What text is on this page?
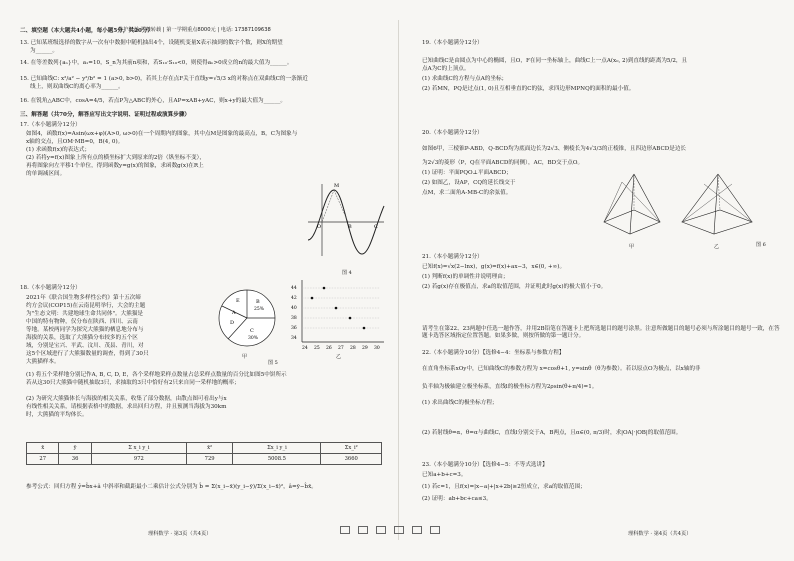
维护权益 严禁转载 | 第一学期重点8000元 | 电话: 17387109638
二、填空题（本大题共4小题，每小题5分，共20分）
13. 已知某班级选择的数字从一次有中数据中随机抽出4个，设随机变量X表示抽到的数字个数，则X的期望
为______。
14. 在等差数列{aₙ}中，a₁=10，S_n为其前n项和，若S₁₀·S₁₀<0，则使得aₙ>0成立的n的最大值为______。
15. 已知曲线C: x²/a² − y²/b² = 1 (a>0, b>0)，若其上存在点F关于直线y=√5/3 x的对称点在双曲线C的一条渐近
线上，则双曲线C的离心率为______。
16. 在锐角△ABC中，cosA=4/5，若点P为△ABC的外心，且AP=xAB+yAC，则x+y的最大值为______。
三、解答题（共70分，解答应写出文字说明、证明过程或演算步骤）
17.（本小题满分12分）
如图4，函数f(x)=Asin(ωx+φ)(A>0, ω>0)在一个周期内的图象，其中点M是图象的最高点，B，C为图象与
x轴的交点，且OM·MB=0，B(4, 0)。
(1) 求函数f(x)的表达式；
(2) 若将y=f(x)图象上所有点的横坐标扩大到原来的2倍（纵坐标不变），
再将图象向左平移1个单位，得到函数y=g(x)的图象，求函数g(x)在R上
的单调减区间。
M
B	C
O
图 4
18.（本小题满分12分）
2021年《联合国生物多样性公约》第十五次缔
约方会议(COP15)在云南昆明举行，大会的主题
为"生态文明：共建地球生命共同体"。大熊猫是
中国的特有物种，仅分布在陕西、四川、云南
等地。某校两同学为探究大熊猫的栖息地分布与
海拔的关系，选取了大熊猫分布较多的五个区
域，分别是宝兴、平武、汶川、茂县、青川，对
这5个区域进行了大熊猫数量的调查，得到了30只
大熊猫样本。
B
25%
C
30%
D
E
A
甲
44
42
40
38
36
34
24 25 26 27 28 29 30
乙
图 5
(1) 将五个采样地分别记作A, B, C, D, E，各个采样地采样点数量占总采样点数量的百分比如图5中饼所示
若从这30只大熊猫中随机抽取3只，求抽取的3只中恰好有2只来自同一采样地的概率；
(2) 为研究大熊猫体长与海拔的相关关系，收集了部分数据，由散点图可看出y与x
有线性相关关系，请根据表格中的数据，求出回归方程，并且预测当海拔为30km
时，大熊猫的平均体长。
x̄	ȳ	Σ x_i y_i	x̄²	Σx_i y_i	Σx_i²
27	36	972	729	5008.5	3660
参考公式：回归方程 ŷ=b̂x+â 中斜率和截距最小二乘估计公式分别为 b̂ = Σ(x_i−x̄)(y_i−ȳ)/Σ(x_i−x̄)²，â=ȳ−b̂x̄。
理科数学 · 第3页（共4页）
19.（本小题满分12分）
已知曲线C是由圆点为中心的椭圆，且O，F在同一坐标轴上，曲线C上一点A(x₀, 2)到直线的距离为5/2，且
点A为C的上顶点。
(1) 求曲线C的方程与点A的坐标；
(2) 若MN，PQ是过点(1, 0)且互相垂直的C的弦，求四边形MPNQ的面积的最小值。
20.（本小题满分12分）
如图6甲，三棱锥P-ABD，Q-BCD均为底面边长为2√3、侧棱长为4√3/3的正棱锥，且四边形ABCD是边长
为2√3的菱形（P，Q在平面ABCD的同侧），AC，BD交于点O。
(1) 证明：平面PQO⊥平面ABCD；
(2) 如图乙，设AP，CQ的延长线交于
点M，求二面角A-MB-C的余弦值。
甲	乙	图 6
21.（本小题满分12分）
已知f(x)=√x(2−lnx)，g(x)=f(x)+ax−3，x∈(0, +∞)。
(1) 判断f(x)的单调性并说明理由；
(2) 若g(x)存在极值点，求a的取值范围，并证明此时g(x)的极大值小于0。
请考生在第22、23两题中任选一题作答，并用2B铅笔在答题卡上把所选题目的题号涂黑。注意所做题目的题号必须与所涂题目的题号一致，在答题卡选答区域指定位置答题。如果多做，则按所做的第一题计分。
22.（本小题满分10分）【选修4−4：坐标系与参数方程】
在直角坐标系xOy中，已知曲线C的参数方程为 x=cosθ+1, y=sinθ（θ为参数）。若以原点O为极点，以x轴的非
负半轴为极轴建立极坐标系，直线l的极坐标方程为2ρsin(θ+π/4)=1。
(1) 求出曲线C的极坐标方程；
(2) 若射线θ=α，θ=α与曲线C，直线l分别交于A，B两点，且α∈(0, π/3)时，求|OA|·|OB|的取值范围。
23.（本小题满分10分）【选修4−5：不等式选讲】
已知a+b+c=3。
(1) 若c=1，且f(x)=|x−a|+|x+2b|≥2恒成立，求a的取值范围；
(2) 证明：ab+bc+ca≤3。
理科数学 · 第4页（共4页）
